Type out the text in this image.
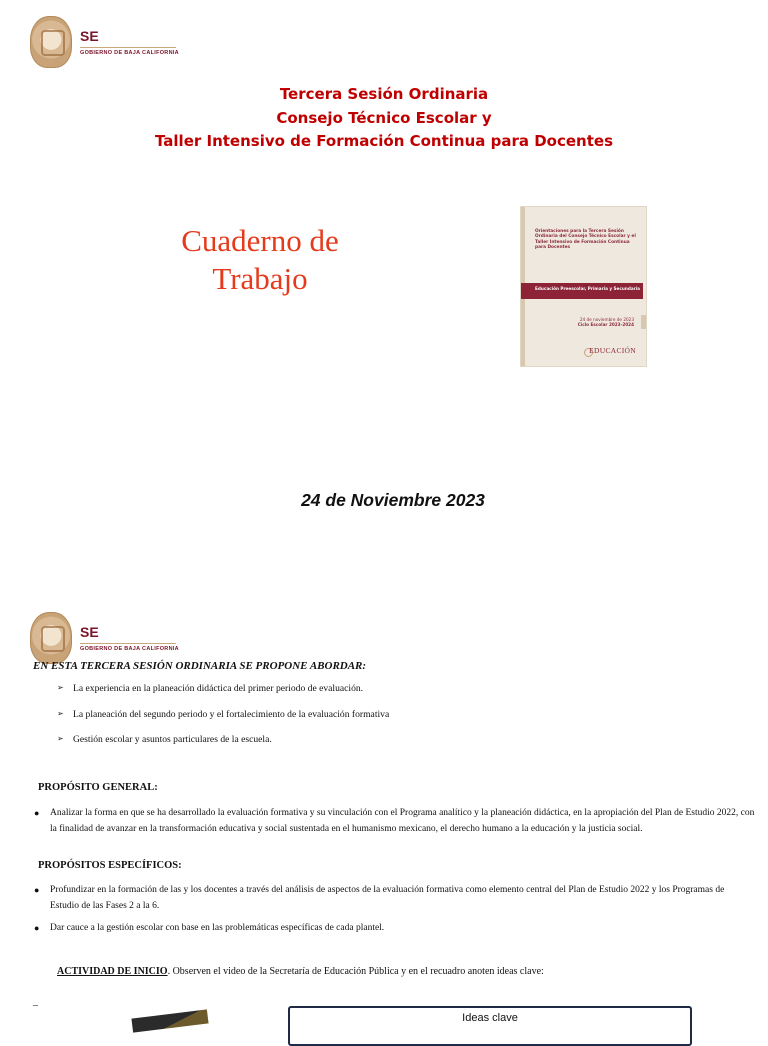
SE
GOBIERNO DE BAJA CALIFORNIA
Tercera Sesión Ordinaria
Consejo Técnico Escolar y
Taller Intensivo de Formación Continua para Docentes
Cuaderno de
Trabajo
Orientaciones para la Tercera Sesión Ordinaria del Consejo Técnico Escolar y el Taller Intensivo de Formación Continua para Docentes
Educación Preescolar, Primaria y Secundaria
24 de noviembre de 2023
Ciclo Escolar 2023-2024
EDUCACIÓN
24 de Noviembre 2023
SE
GOBIERNO DE BAJA CALIFORNIA
EN ESTA TERCERA SESIÓN ORDINARIA SE PROPONE ABORDAR:
➢ La experiencia en la planeación didáctica del primer periodo de evaluación.
➢ La planeación del segundo periodo y el fortalecimiento de la evaluación formativa
➢ Gestión escolar y asuntos particulares de la escuela.
PROPÓSITO GENERAL:
● Analizar la forma en que se ha desarrollado la evaluación formativa y su vinculación con el Programa analítico y la planeación didáctica, en la apropiación del Plan de Estudio 2022, con la finalidad de avanzar en la transformación educativa y social sustentada en el humanismo mexicano, el derecho humano a la educación y la justicia social.
PROPÓSITOS ESPECÍFICOS:
● Profundizar en la formación de las y los docentes a través del análisis de aspectos de la evaluación formativa como elemento central del Plan de Estudio 2022 y los Programas de Estudio de las Fases 2 a la 6.
● Dar cauce a la gestión escolar con base en las problemáticas específicas de cada plantel.
ACTIVIDAD DE INICIO. Observen el video de la Secretaría de Educación Pública y en el recuadro anoten ideas clave:
_
Ideas clave
